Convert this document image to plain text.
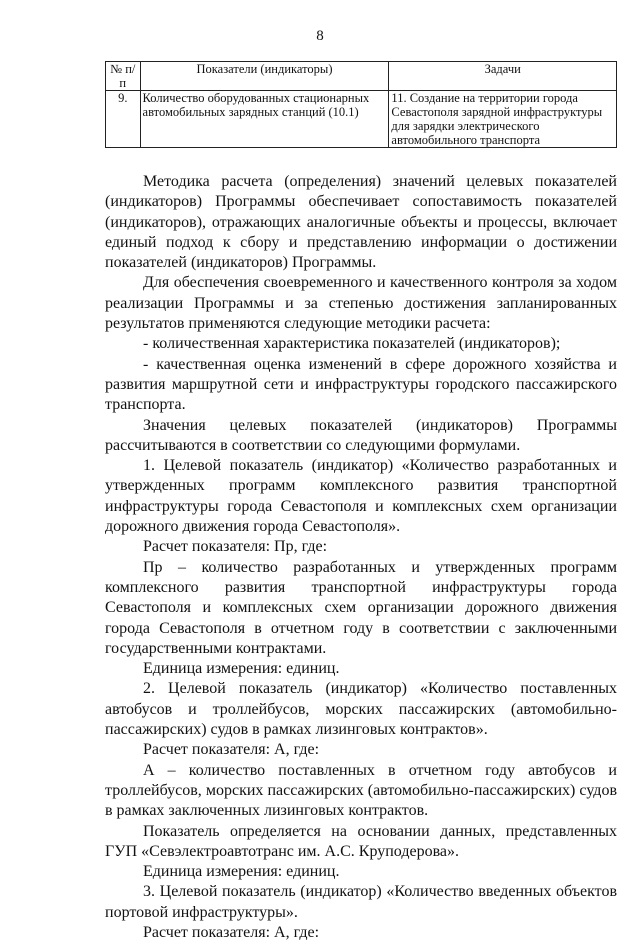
8
№ п/п	Показатели (индикаторы)	Задачи
9.	Количество оборудованных стационарных автомобильных зарядных станций (10.1)	11. Создание на территории города Севастополя зарядной инфраструктуры для зарядки электрического автомобильного транспорта

Методика расчета (определения) значений целевых показателей (индикаторов) Программы обеспечивает сопоставимость показателей (индикаторов), отражающих аналогичные объекты и процессы, включает единый подход к сбору и представлению информации о достижении показателей (индикаторов) Программы.

Для обеспечения своевременного и качественного контроля за ходом реализации Программы и за степенью достижения запланированных результатов применяются следующие методики расчета:

- количественная характеристика показателей (индикаторов);

- качественная оценка изменений в сфере дорожного хозяйства и развития маршрутной сети и инфраструктуры городского пассажирского транспорта.

Значения целевых показателей (индикаторов) Программы рассчитываются в соответствии со следующими формулами.

1. Целевой показатель (индикатор) «Количество разработанных и утвержденных программ комплексного развития транспортной инфраструктуры города Севастополя и комплексных схем организации дорожного движения города Севастополя».

Расчет показателя: Пр, где:

Пр – количество разработанных и утвержденных программ комплексного развития транспортной инфраструктуры города Севастополя и комплексных схем организации дорожного движения города Севастополя в отчетном году в соответствии с заключенными государственными контрактами.

Единица измерения: единиц.

2. Целевой показатель (индикатор) «Количество поставленных автобусов и троллейбусов, морских пассажирских (автомобильно-пассажирских) судов в рамках лизинговых контрактов».

Расчет показателя: А, где:

А – количество поставленных в отчетном году автобусов и троллейбусов, морских пассажирских (автомобильно-пассажирских) судов в рамках заключенных лизинговых контрактов.

Показатель определяется на основании данных, представленных ГУП «Севэлектроавтотранс им. А.С. Круподерова».

Единица измерения: единиц.

3. Целевой показатель (индикатор) «Количество введенных объектов портовой инфраструктуры».

Расчет показателя: А, где:
